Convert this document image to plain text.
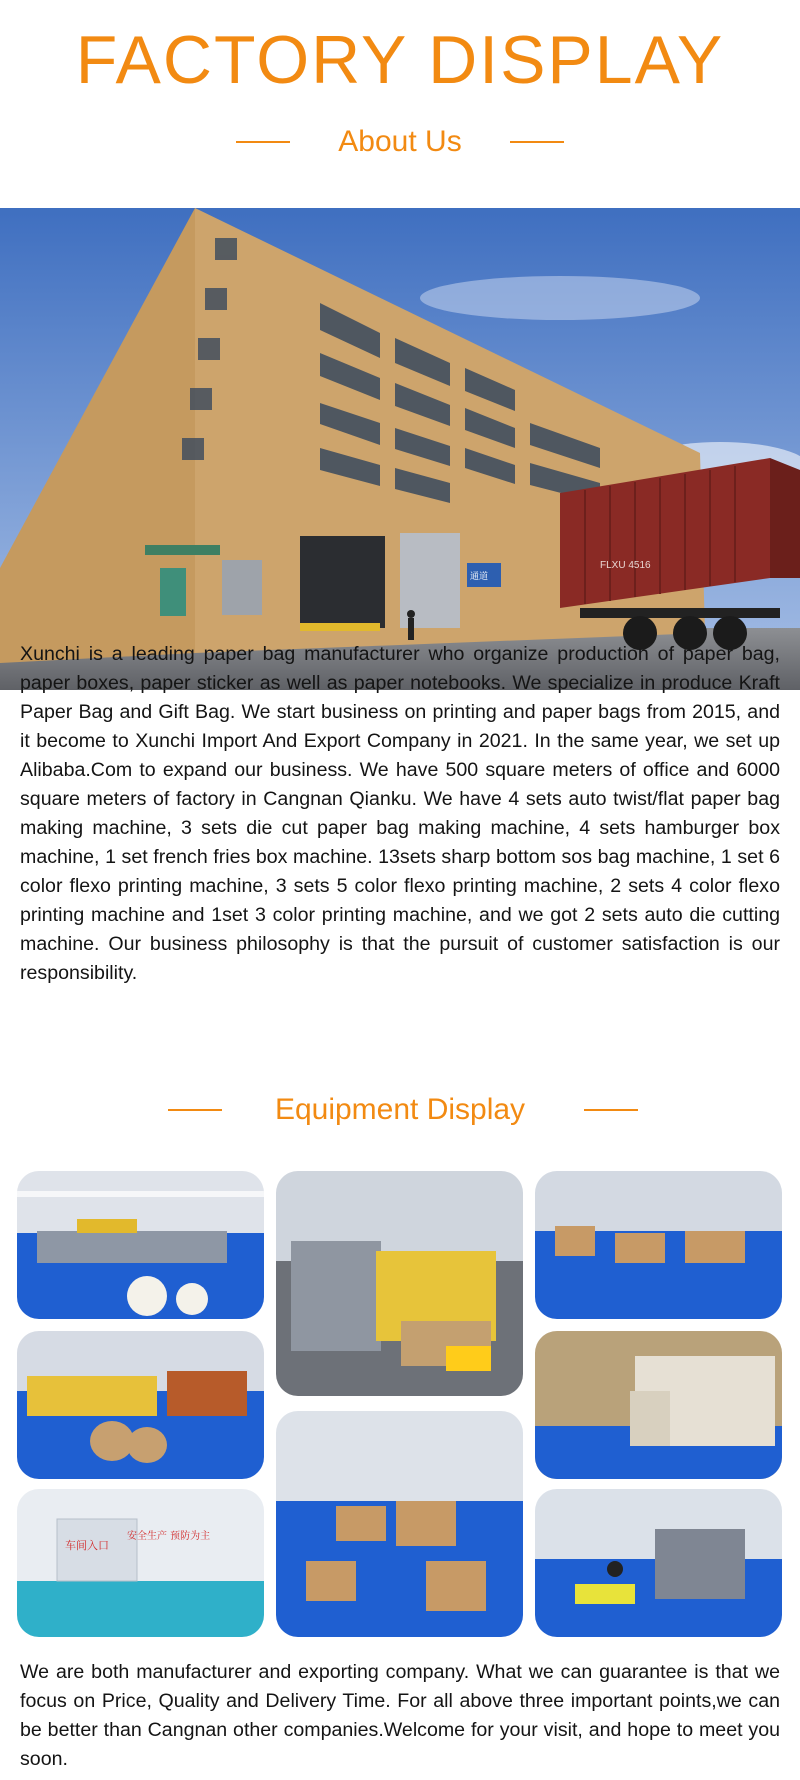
FACTORY DISPLAY
About Us
FLXU 4516
通道

Xunchi is a leading paper bag manufacturer who organize production of paper bag, paper boxes, paper sticker as well as paper notebooks. We specialize in produce Kraft Paper Bag and Gift Bag. We start business on printing and paper bags from 2015, and it become to Xunchi Import And Export Company in 2021. In the same year, we set up Alibaba.Com to expand our business. We have 500 square meters of office and 6000 square meters of factory in Cangnan Qianku. We have 4 sets auto twist/flat paper bag making machine, 3 sets die cut paper bag making machine, 4 sets hamburger box machine, 1 set french fries box machine. 13sets sharp bottom sos bag machine, 1 set 6 color flexo printing machine, 3 sets 5 color flexo printing machine, 2 sets 4 color flexo printing machine and 1set 3 color printing machine, and we got 2 sets auto die cutting machine. Our business philosophy is that the pursuit of customer satisfaction is our responsibility.

Equipment Display
车间入口
安全生产 预防为主

We are both manufacturer and exporting company. What we can guarantee is that we focus on Price, Quality and Delivery Time. For all above three important points,we can be better than Cangnan other companies.Welcome for your visit, and hope to meet you soon.
